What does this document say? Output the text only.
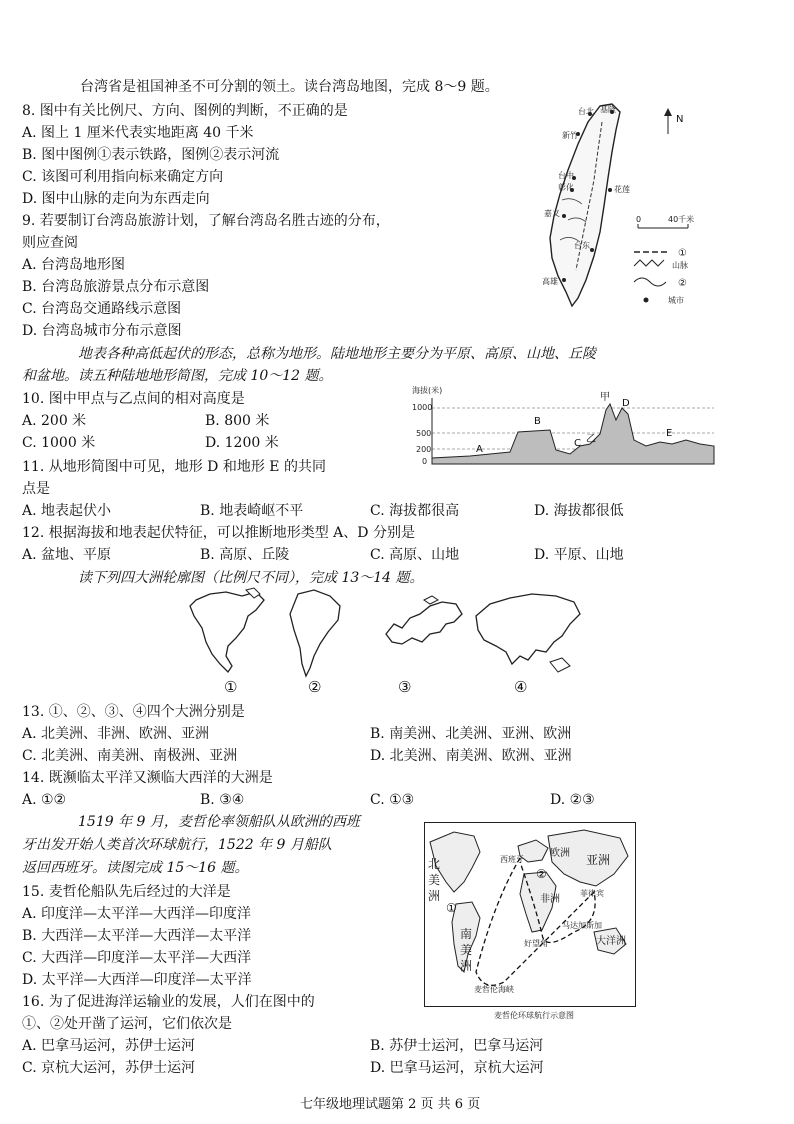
台湾省是祖国神圣不可分割的领土。读台湾岛地图，完成 8～9 题。
8. 图中有关比例尺、方向、图例的判断，不正确的是
A. 图上 1 厘米代表实地距离 40 千米
B. 图中图例①表示铁路，图例②表示河流
C. 该图可利用指向标来确定方向
D. 图中山脉的走向为东西走向
9. 若要制订台湾岛旅游计划，了解台湾岛名胜古迹的分布，
则应查阅
A. 台湾岛地形图
B. 台湾岛旅游景点分布示意图
C. 台湾岛交通路线示意图
D. 台湾岛城市分布示意图
台北 基隆
新竹
台中
彰化
嘉义
花莲
台东
高雄
N
0	40千米
①
山脉
②
城市
地表各种高低起伏的形态，总称为地形。陆地地形主要分为平原、高原、山地、丘陵
和盆地。读五种陆地地形简图，完成 10～12 题。
10. 图中甲点与乙点间的相对高度是
A. 200 米	B. 800 米
C. 1000 米	D. 1200 米
11. 从地形简图中可见，地形 D 和地形 E 的共同
点是
海拔(米)
1000
500
200
0
A
B
C 乙
甲
D
E
A. 地表起伏小	B. 地表崎岖不平	C. 海拔都很高	D. 海拔都很低
12. 根据海拔和地表起伏特征，可以推断地形类型 A、D 分别是
A. 盆地、平原	B. 高原、丘陵	C. 高原、山地	D. 平原、山地
读下列四大洲轮廓图（比例尺不同），完成 13～14 题。
①	②	③	④
13. ①、②、③、④四个大洲分别是
A. 北美洲、非洲、欧洲、亚洲	B. 南美洲、北美洲、亚洲、欧洲
C. 北美洲、南美洲、南极洲、亚洲	D. 北美洲、南美洲、欧洲、亚洲
14. 既濒临太平洋又濒临大西洋的大洲是
A. ①②	B. ③④	C. ①③	D. ②③
1519 年 9 月，麦哲伦率领船队从欧洲的西班
牙出发开始人类首次环球航行，1522 年 9 月船队
返回西班牙。读图完成 15～16 题。
15. 麦哲伦船队先后经过的大洋是
A. 印度洋—太平洋—大西洋—印度洋
B. 大西洋—太平洋—大西洋—太平洋
C. 大西洋—印度洋—太平洋—大西洋
D. 太平洋—大西洋—印度洋—太平洋
16. 为了促进海洋运输业的发展，人们在图中的
①、②处开凿了运河，它们依次是
A. 巴拿马运河，苏伊士运河	B. 苏伊士运河，巴拿马运河
C. 京杭大运河，苏伊士运河	D. 巴拿马运河，京杭大运河
北
美
洲
欧洲 亚洲
非洲
南
美
洲
大洋洲
西班牙
马达加斯加
菲律宾
好望角
麦哲伦海峡
①
②
麦哲伦环球航行示意图
七年级地理试题第 2 页 共 6 页
